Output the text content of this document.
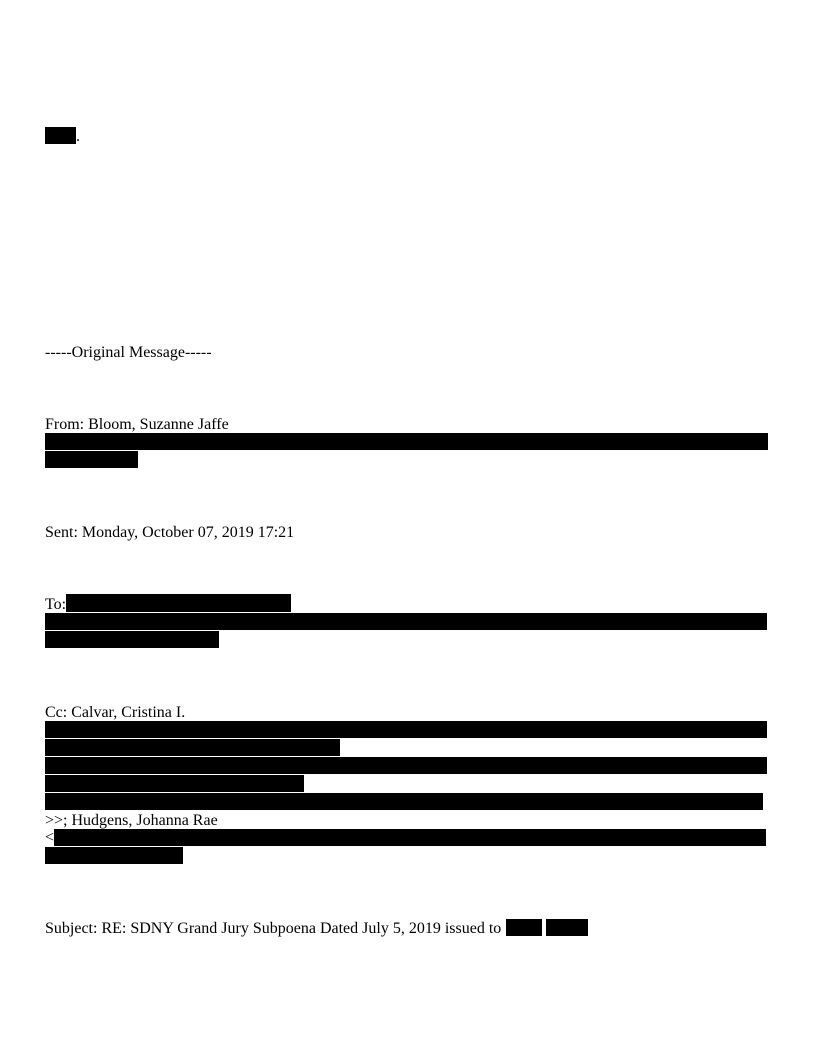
.
-----Original Message-----
From: Bloom, Suzanne Jaffe
Sent: Monday, October 07, 2019 17:21
To:
Cc: Calvar, Cristina I.
>>; Hudgens, Johanna Rae
<
Subject: RE: SDNY Grand Jury Subpoena Dated July 5, 2019 issued to
